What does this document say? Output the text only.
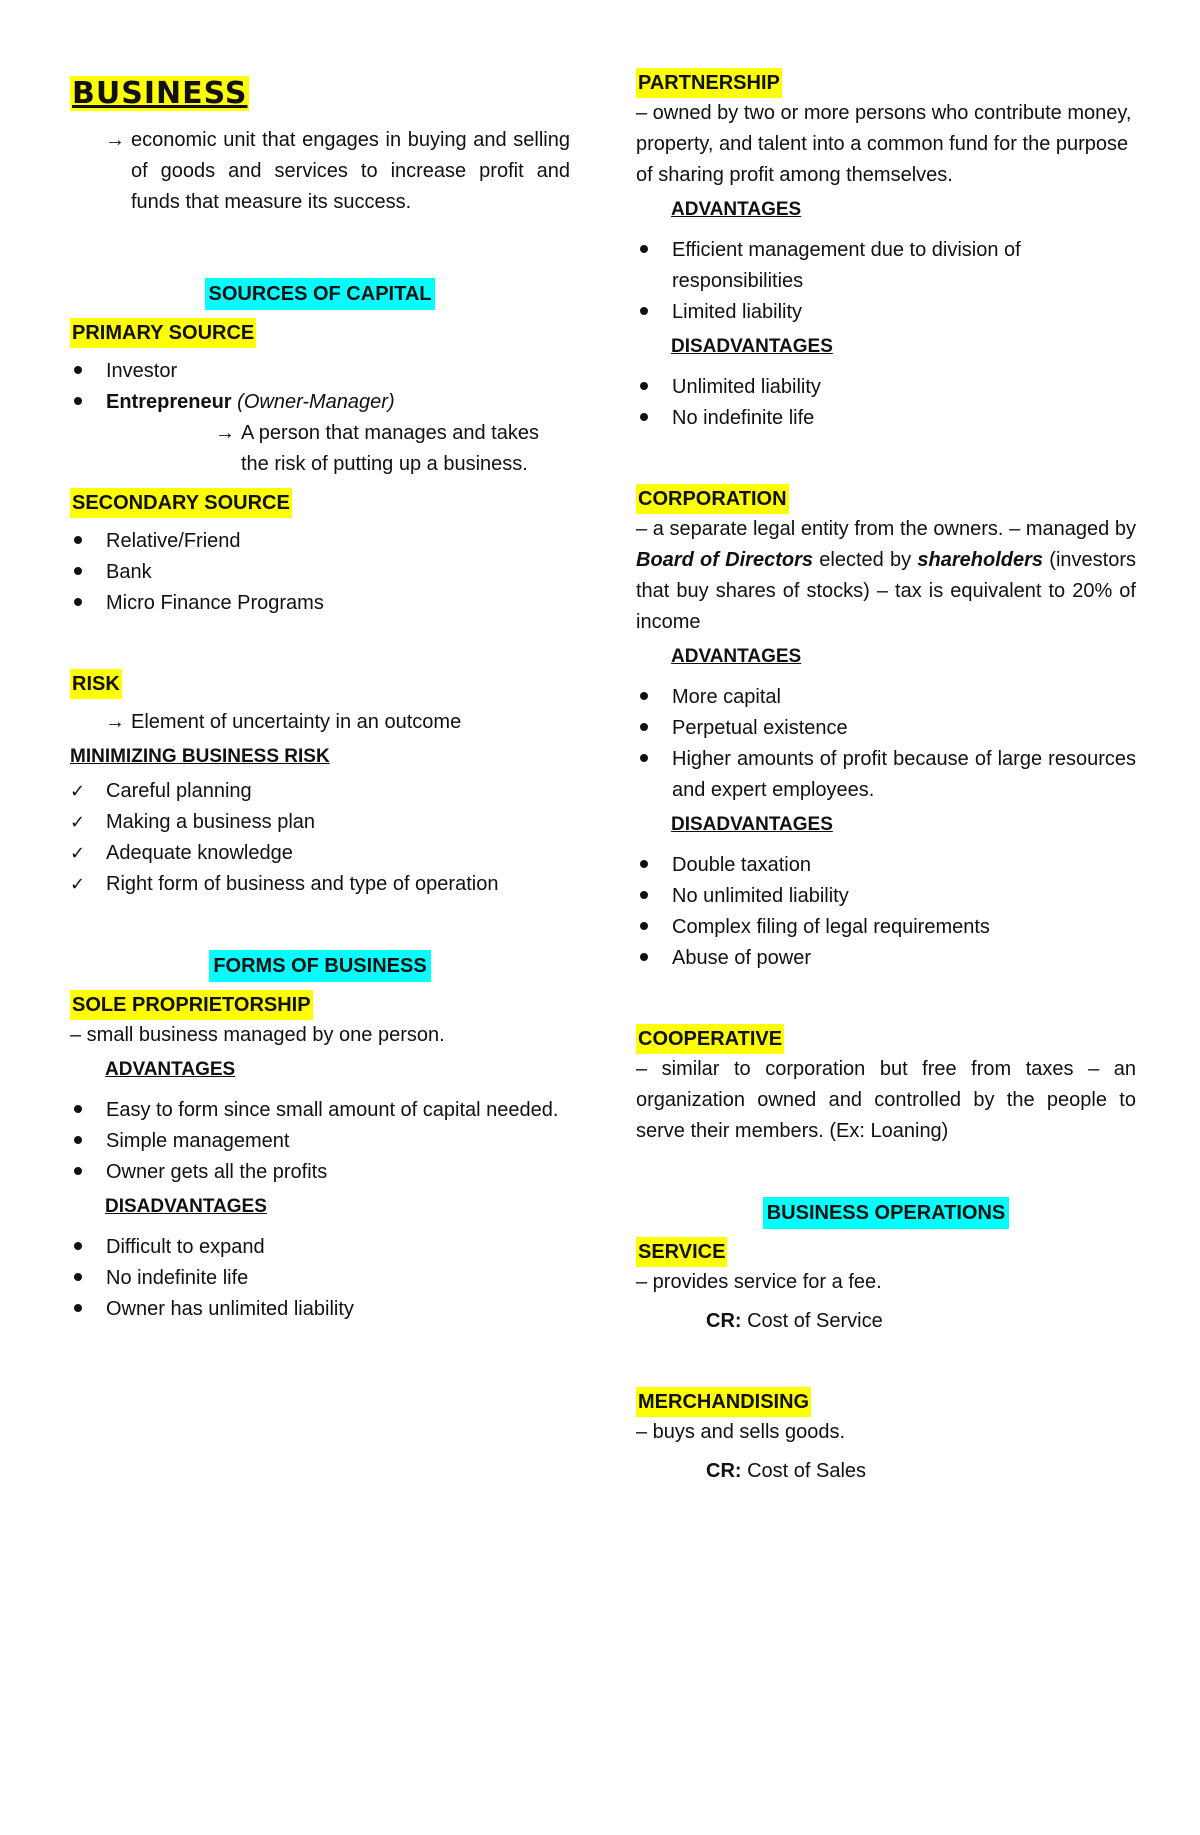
BUSINESS
→ economic unit that engages in buying and selling of goods and services to increase profit and funds that measure its success.
SOURCES OF CAPITAL
PRIMARY SOURCE
Investor
Entrepreneur (Owner-Manager)
→ A person that manages and takes the risk of putting up a business.
SECONDARY SOURCE
Relative/Friend
Bank
Micro Finance Programs
RISK
→ Element of uncertainty in an outcome
MINIMIZING BUSINESS RISK
✓	Careful planning
✓	Making a business plan
✓	Adequate knowledge
✓	Right form of business and type of operation
FORMS OF BUSINESS
SOLE PROPRIETORSHIP
– small business managed by one person.
ADVANTAGES
Easy to form since small amount of capital needed.
Simple management
Owner gets all the profits
DISADVANTAGES
Difficult to expand
No indefinite life
Owner has unlimited liability
PARTNERSHIP
– owned by two or more persons who contribute money, property, and talent into a common fund for the purpose of sharing profit among themselves.
ADVANTAGES
Efficient management due to division of responsibilities
Limited liability
DISADVANTAGES
Unlimited liability
No indefinite life
CORPORATION
– a separate legal entity from the owners. – managed by Board of Directors elected by shareholders (investors that buy shares of stocks) – tax is equivalent to 20% of income
ADVANTAGES
More capital
Perpetual existence
Higher amounts of profit because of large resources and expert employees.
DISADVANTAGES
Double taxation
No unlimited liability
Complex filing of legal requirements
Abuse of power
COOPERATIVE
– similar to corporation but free from taxes – an organization owned and controlled by the people to serve their members. (Ex: Loaning)
BUSINESS OPERATIONS
SERVICE
– provides service for a fee.
CR: Cost of Service
MERCHANDISING
– buys and sells goods.
CR: Cost of Sales
